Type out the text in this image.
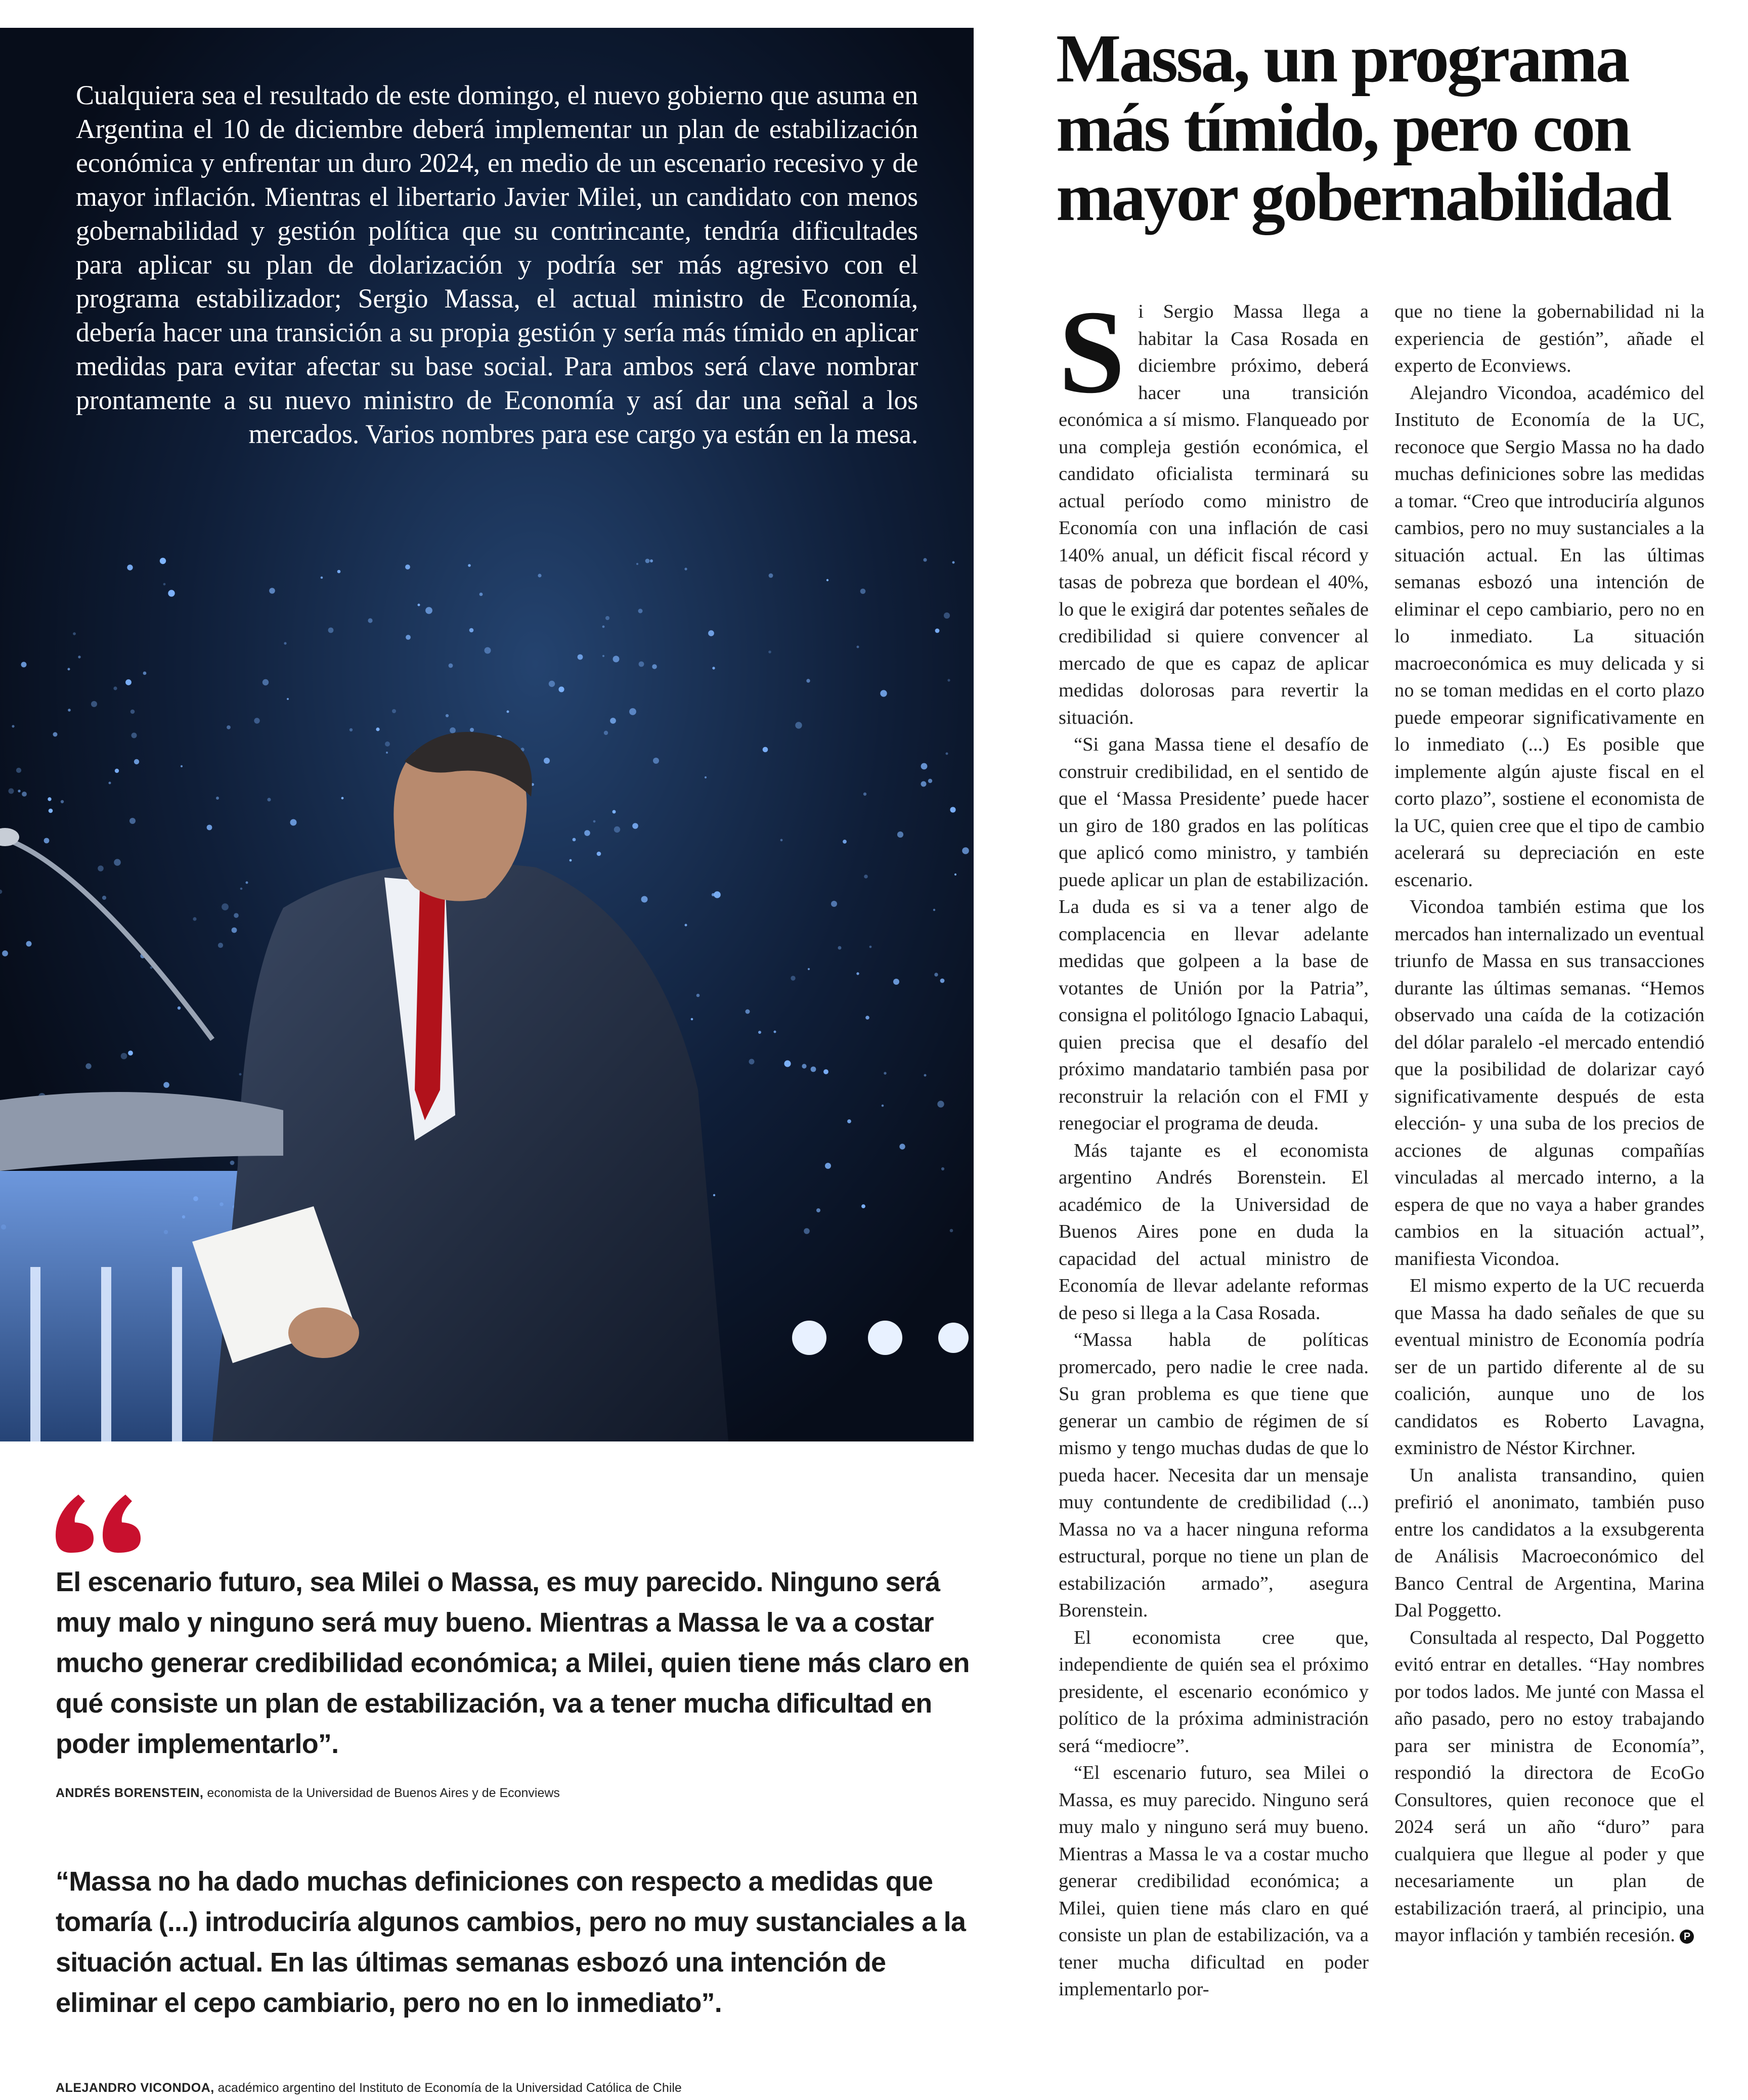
Cualquiera sea el resultado de este domingo, el nuevo gobierno que asuma en Argentina el 10 de diciembre deberá implementar un plan de estabilización económica y enfrentar un duro 2024, en medio de un escenario recesivo y de mayor inflación. Mientras el libertario Javier Milei, un candidato con menos gobernabilidad y gestión política que su contrincante, tendría dificultades para aplicar su plan de dolarización y podría ser más agresivo con el programa estabilizador; Sergio Massa, el actual ministro de Economía, debería hacer una transición a su propia gestión y sería más tímido en aplicar medidas para evitar afectar su base social. Para ambos será clave nombrar prontamente a su nuevo ministro de Economía y así dar una señal a los mercados. Varios nombres para ese cargo ya están en la mesa.

El escenario futuro, sea Milei o Massa, es muy parecido. Ninguno será muy malo y ninguno será muy bueno. Mientras a Massa le va a costar mucho generar credibilidad económica; a Milei, quien tiene más claro en qué consiste un plan de estabilización, va a tener mucha dificultad en poder implementarlo”.

ANDRÉS BORENSTEIN, economista de la Universidad de Buenos Aires y de Econviews

“Massa no ha dado muchas definiciones con respecto a medidas que tomaría (...) introduciría algunos cambios, pero no muy sustanciales a la situación actual. En las últimas semanas esbozó una intención de eliminar el cepo cambiario, pero no en lo inmediato”.

ALEJANDRO VICONDOA, académico argentino del Instituto de Economía de la Universidad Católica de Chile

Massa, un programa más tímido, pero con mayor gobernabilidad

Si Sergio Massa llega a habitar la Casa Rosada en diciembre próximo, deberá hacer una transición económica a sí mismo. Flanqueado por una compleja gestión económica, el candidato oficialista terminará su actual período como ministro de Economía con una inflación de casi 140% anual, un déficit fiscal récord y tasas de pobreza que bordean el 40%, lo que le exigirá dar potentes señales de credibilidad si quiere convencer al mercado de que es capaz de aplicar medidas dolorosas para revertir la situación.

“Si gana Massa tiene el desafío de construir credibilidad, en el sentido de que el ‘Massa Presidente’ puede hacer un giro de 180 grados en las políticas que aplicó como ministro, y también puede aplicar un plan de estabilización. La duda es si va a tener algo de complacencia en llevar adelante medidas que golpeen a la base de votantes de Unión por la Patria”, consigna el politólogo Ignacio Labaqui, quien precisa que el desafío del próximo mandatario también pasa por reconstruir la relación con el FMI y renegociar el programa de deuda.

Más tajante es el economista argentino Andrés Borenstein. El académico de la Universidad de Buenos Aires pone en duda la capacidad del actual ministro de Economía de llevar adelante reformas de peso si llega a la Casa Rosada.

“Massa habla de políticas promercado, pero nadie le cree nada. Su gran problema es que tiene que generar un cambio de régimen de sí mismo y tengo muchas dudas de que lo pueda hacer. Necesita dar un mensaje muy contundente de credibilidad (...) Massa no va a hacer ninguna reforma estructural, porque no tiene un plan de estabilización armado”, asegura Borenstein.

El economista cree que, independiente de quién sea el próximo presidente, el escenario económico y político de la próxima administración será “mediocre”.

“El escenario futuro, sea Milei o Massa, es muy parecido. Ninguno será muy malo y ninguno será muy bueno. Mientras a Massa le va a costar mucho generar credibilidad económica; a Milei, quien tiene más claro en qué consiste un plan de estabilización, va a tener mucha dificultad en poder implementarlo por-

que no tiene la gobernabilidad ni la experiencia de gestión”, añade el experto de Econviews.

Alejandro Vicondoa, académico del Instituto de Economía de la UC, reconoce que Sergio Massa no ha dado muchas definiciones sobre las medidas a tomar. “Creo que introduciría algunos cambios, pero no muy sustanciales a la situación actual. En las últimas semanas esbozó una intención de eliminar el cepo cambiario, pero no en lo inmediato. La situación macroeconómica es muy delicada y si no se toman medidas en el corto plazo puede empeorar significativamente en lo inmediato (...) Es posible que implemente algún ajuste fiscal en el corto plazo”, sostiene el economista de la UC, quien cree que el tipo de cambio acelerará su depreciación en este escenario.

Vicondoa también estima que los mercados han internalizado un eventual triunfo de Massa en sus transacciones durante las últimas semanas. “Hemos observado una caída de la cotización del dólar paralelo -el mercado entendió que la posibilidad de dolarizar cayó significativamente después de esta elección- y una suba de los precios de acciones de algunas compañías vinculadas al mercado interno, a la espera de que no vaya a haber grandes cambios en la situación actual”, manifiesta Vicondoa.

El mismo experto de la UC recuerda que Massa ha dado señales de que su eventual ministro de Economía podría ser de un partido diferente al de su coalición, aunque uno de los candidatos es Roberto Lavagna, exministro de Néstor Kirchner.

Un analista transandino, quien prefirió el anonimato, también puso entre los candidatos a la exsubgerenta de Análisis Macroeconómico del Banco Central de Argentina, Marina Dal Poggetto.

Consultada al respecto, Dal Poggetto evitó entrar en detalles. “Hay nombres por todos lados. Me junté con Massa el año pasado, pero no estoy trabajando para ser ministra de Economía”, respondió la directora de EcoGo Consultores, quien reconoce que el 2024 será un año “duro” para cualquiera que llegue al poder y que necesariamente un plan de estabilización traerá, al principio, una mayor inflación y también recesión. P
